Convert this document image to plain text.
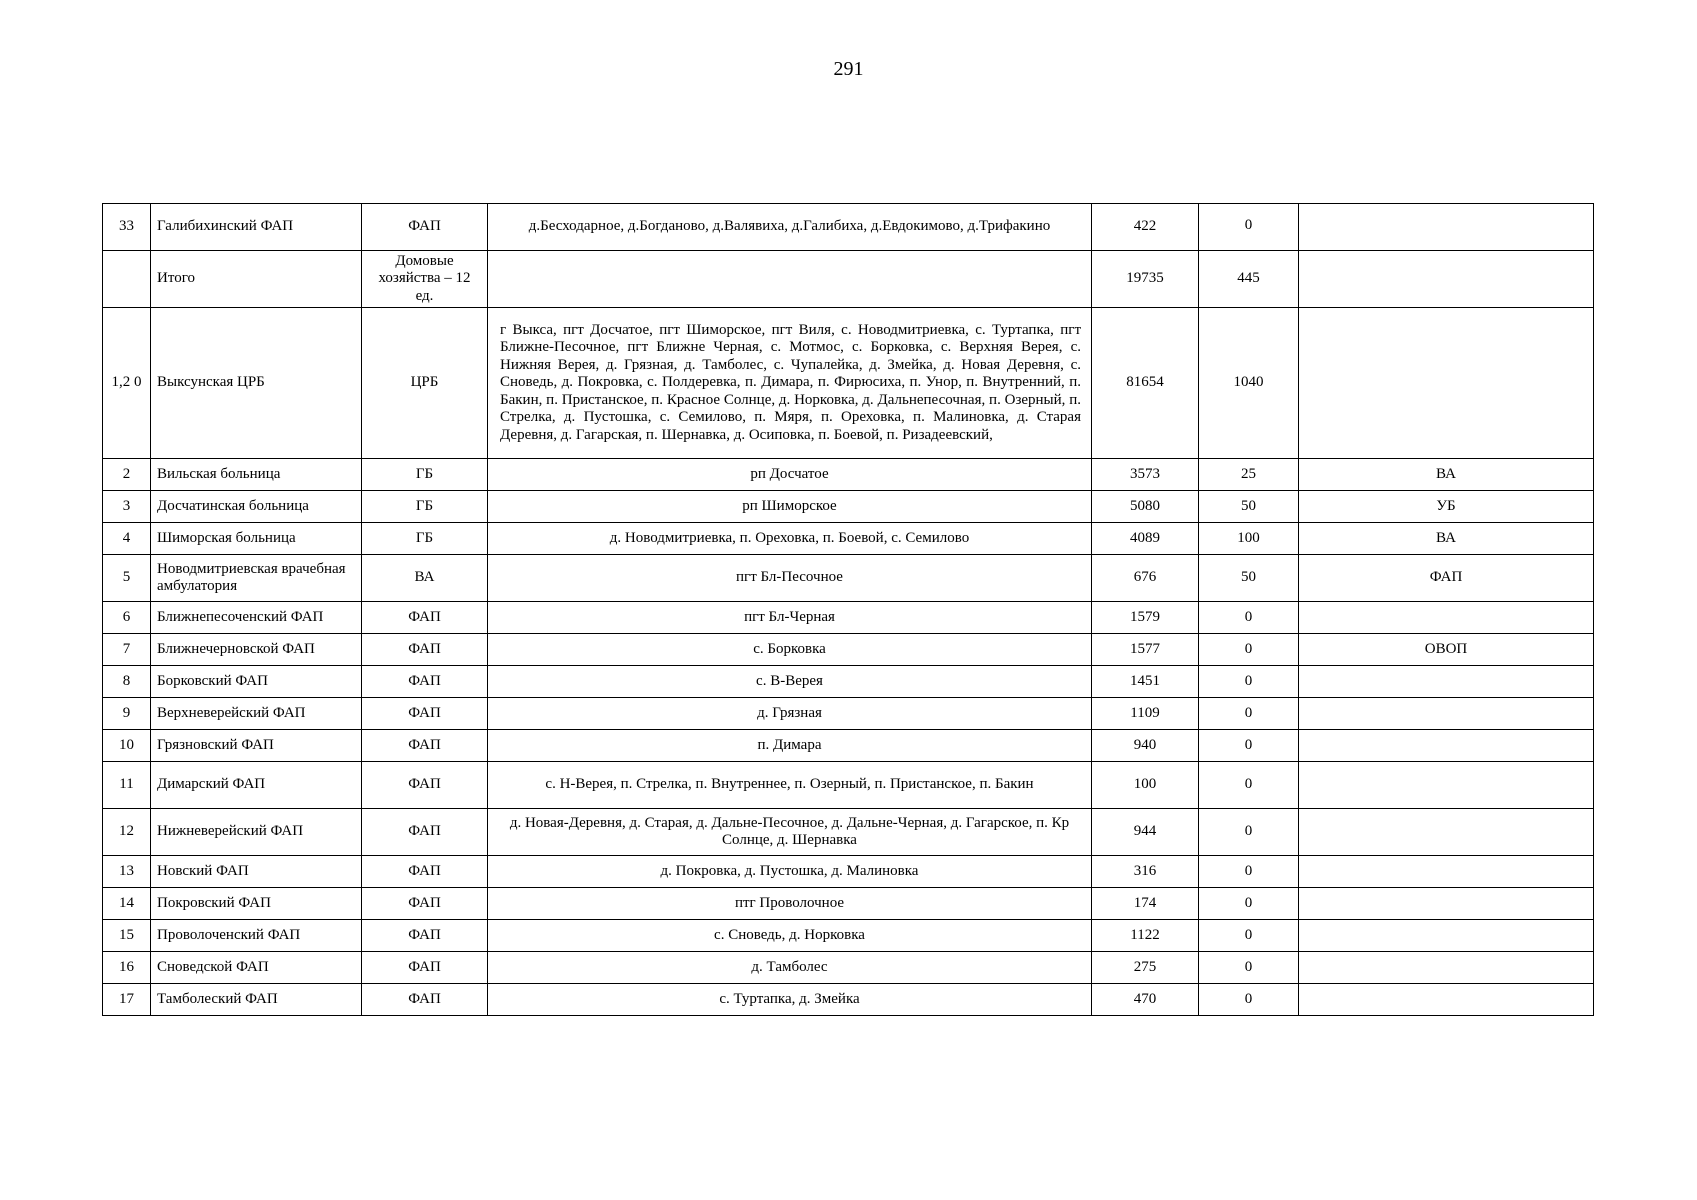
291
33	Галибихинский ФАП	ФАП	д.Бесходарное, д.Богданово, д.Валявиха, д.Галибиха, д.Евдокимово, д.Трифакино	422	0	

	Итого	Домовые хозяйства – 12 ед.		19735	445	
1,2 0	Выксунская ЦРБ	ЦРБ	г Выкса, пгт Досчатое, пгт Шиморское, пгт Виля, с. Новодмитриевка, с. Туртапка, пгт Ближне-Песочное, пгт Ближне Черная, с. Мотмос, с. Борковка, с. Верхняя Верея, с. Нижняя Верея, д. Грязная, д. Тамболес, с. Чупалейка, д. Змейка, д. Новая Деревня, с. Сноведь, д. Покровка, с. Полдеревка, п. Димара, п. Фирюсиха, п. Унор, п. Внутренний, п. Бакин, п. Пристанское, п. Красное Солнце, д. Норковка, д. Дальнепесочная, п. Озерный, п. Стрелка, д. Пустошка, с. Семилово, п. Мяря, п. Ореховка, п. Малиновка, д. Старая Деревня, д. Гагарская, п. Шернавка, д. Осиповка, п. Боевой, п. Ризадеевский,	81654	1040	
2	Вильская больница	ГБ	рп Досчатое	3573	25	ВА
3	Досчатинская больница	ГБ	рп Шиморское	5080	50	УБ
4	Шиморская больница	ГБ	д. Новодмитриевка, п. Ореховка, п. Боевой, с. Семилово	4089	100	ВА
5	Новодмитриевская врачебная амбулатория	ВА	пгт Бл-Песочное	676	50	ФАП
6	Ближнепесоченский ФАП	ФАП	пгт Бл-Черная	1579	0	
7	Ближнечерновской ФАП	ФАП	с. Борковка	1577	0	ОВОП
8	Борковский ФАП	ФАП	с. В-Верея	1451	0	
9	Верхневерейский ФАП	ФАП	д. Грязная	1109	0	
10	Грязновский ФАП	ФАП	п. Димара	940	0	
11	Димарский ФАП	ФАП	с. Н-Верея, п. Стрелка, п. Внутреннее, п. Озерный, п. Пристанское, п. Бакин	100	0	
12	Нижневерейский ФАП	ФАП	д. Новая-Деревня, д. Старая, д. Дальне-Песочное, д. Дальне-Черная, д. Гагарское, п. Кр Солнце, д. Шернавка	944	0	
13	Новский ФАП	ФАП	д. Покровка, д. Пустошка, д. Малиновка	316	0	
14	Покровский ФАП	ФАП	птг Проволочное	174	0	
15	Проволоченский ФАП	ФАП	с. Сноведь, д. Норковка	1122	0	
16	Сноведской ФАП	ФАП	д. Тамболес	275	0	
17	Тамболеский ФАП	ФАП	с. Туртапка, д. Змейка	470	0	
